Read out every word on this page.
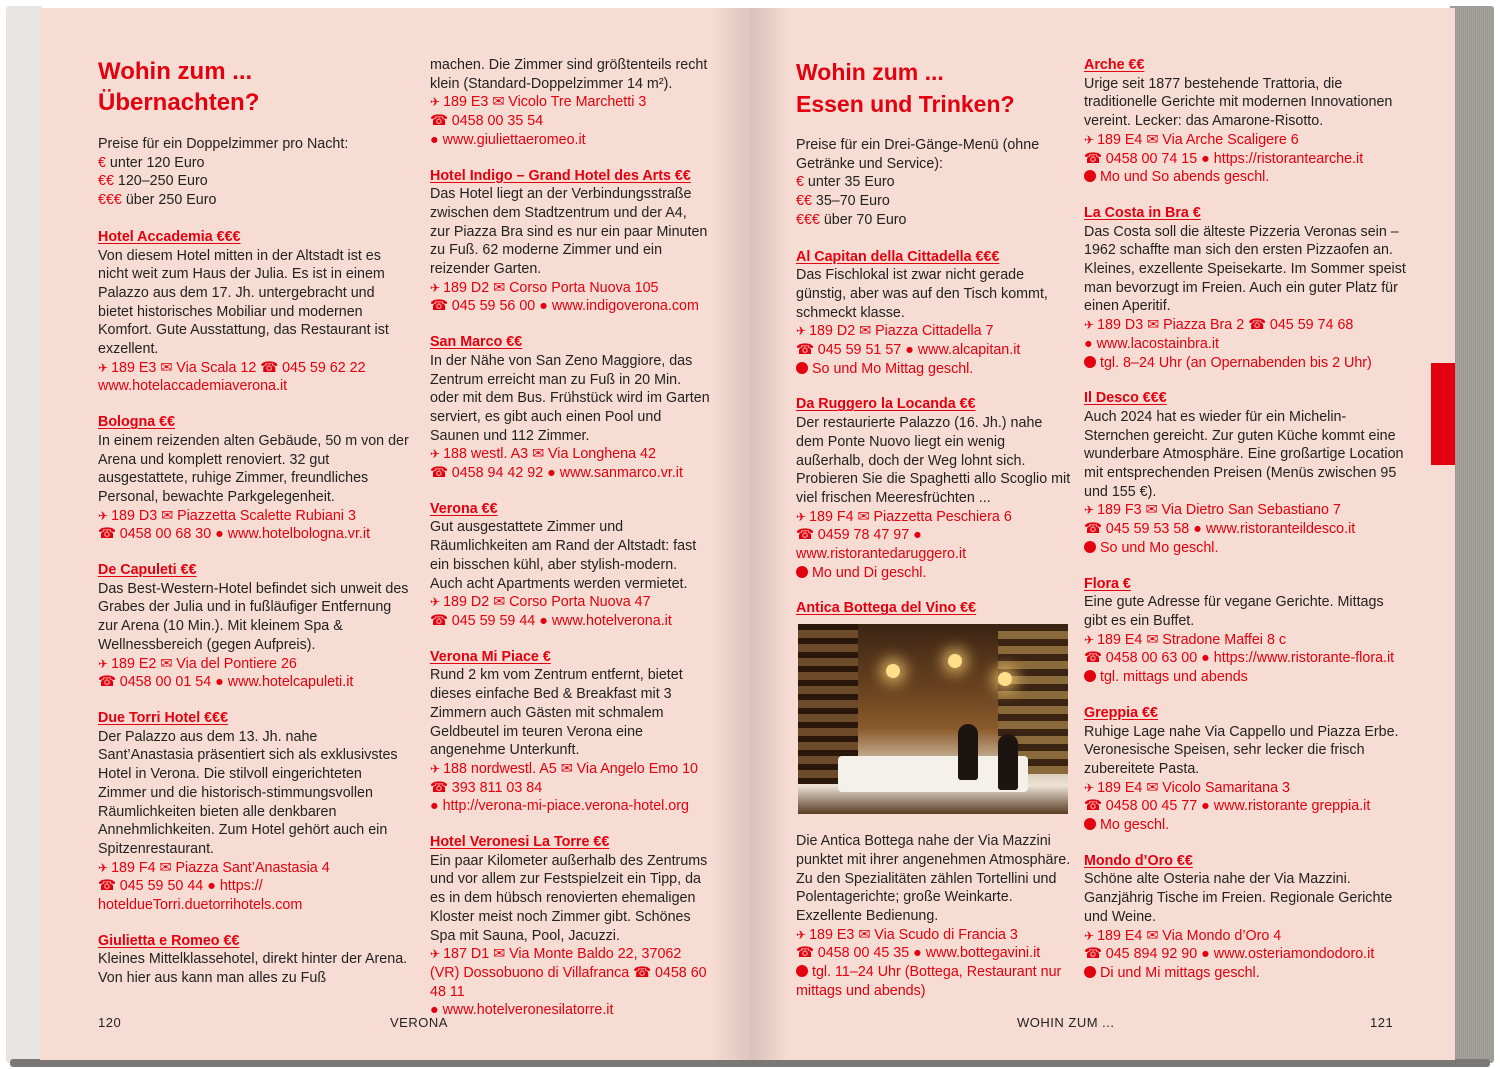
Wohin zum ...
Übernachten?
Preise für ein Doppelzimmer pro Nacht:
€ unter 120 Euro
€€ 120–250 Euro
€€€ über 250 Euro
Hotel Accademia €€€
Von diesem Hotel mitten in der Altstadt ist es nicht weit zum Haus der Julia. Es ist in einem Palazzo aus dem 17. Jh. untergebracht und bietet historisches Mobiliar und modernen Komfort. Gute Ausstattung, das Restaurant ist exzellent.
✈ 189 E3 ✉ Via Scala 12 ☎ 045 59 62 22
www.hotelaccademiaverona.it
Bologna €€
In einem reizenden alten Gebäude, 50 m von der Arena und komplett renoviert. 32 gut ausgestattete, ruhige Zimmer, freundliches Personal, bewachte Parkgelegenheit.
✈ 189 D3 ✉ Piazzetta Scalette Rubiani 3
☎ 0458 00 68 30 ● www.hotelbologna.vr.it
De Capuleti €€
Das Best-Western-Hotel befindet sich unweit des Grabes der Julia und in fußläufiger Entfernung zur Arena (10 Min.). Mit kleinem Spa & Wellnessbereich (gegen Aufpreis).
✈ 189 E2 ✉ Via del Pontiere 26
☎ 0458 00 01 54 ● www.hotelcapuleti.it
Due Torri Hotel €€€
Der Palazzo aus dem 13. Jh. nahe Sant’Anastasia präsentiert sich als exklusivstes Hotel in Verona. Die stilvoll eingerichteten Zimmer und die historisch-stimmungsvollen Räumlichkeiten bieten alle denkbaren Annehmlichkeiten. Zum Hotel gehört auch ein Spitzenrestaurant.
✈ 189 F4 ✉ Piazza Sant’Anastasia 4
☎ 045 59 50 44 ● https:// hoteldueTorri.duetorrihotels.com
Giulietta e Romeo €€
Kleines Mittelklassehotel, direkt hinter der Arena. Von hier aus kann man alles zu Fuß
machen. Die Zimmer sind größtenteils recht klein (Standard-Doppelzimmer 14 m²).
✈ 189 E3 ✉ Vicolo Tre Marchetti 3
☎ 0458 00 35 54
● www.giuliettaeromeo.it
Hotel Indigo – Grand Hotel des Arts €€
Das Hotel liegt an der Verbindungsstraße zwischen dem Stadtzentrum und der A4, zur Piazza Bra sind es nur ein paar Minuten zu Fuß. 62 moderne Zimmer und ein reizender Garten.
✈ 189 D2 ✉ Corso Porta Nuova 105
☎ 045 59 56 00 ● www.indigoverona.com
San Marco €€
In der Nähe von San Zeno Maggiore, das Zentrum erreicht man zu Fuß in 20 Min. oder mit dem Bus. Frühstück wird im Garten serviert, es gibt auch einen Pool und Saunen und 112 Zimmer.
✈ 188 westl. A3 ✉ Via Longhena 42
☎ 0458 94 42 92 ● www.sanmarco.vr.it
Verona €€
Gut ausgestattete Zimmer und Räumlichkeiten am Rand der Altstadt: fast ein bisschen kühl, aber stylish-modern. Auch acht Apartments werden vermietet.
✈ 189 D2 ✉ Corso Porta Nuova 47
☎ 045 59 59 44 ● www.hotelverona.it
Verona Mi Piace €
Rund 2 km vom Zentrum entfernt, bietet dieses einfache Bed & Breakfast mit 3 Zimmern auch Gästen mit schmalem Geldbeutel im teuren Verona eine angenehme Unterkunft.
✈ 188 nordwestl. A5 ✉ Via Angelo Emo 10 ☎ 393 811 03 84
● http://verona-mi-piace.verona-hotel.org
Hotel Veronesi La Torre €€
Ein paar Kilometer außerhalb des Zentrums und vor allem zur Festspielzeit ein Tipp, da es in dem hübsch renovierten ehemaligen Kloster meist noch Zimmer gibt. Schönes Spa mit Sauna, Pool, Jacuzzi.
✈ 187 D1 ✉ Via Monte Baldo 22, 37062 (VR) Dossobuono di Villafranca ☎ 0458 60 48 11
● www.hotelveronesilatorre.it
120	VERONA
Wohin zum ...
Essen und Trinken?
Preise für ein Drei-Gänge-Menü (ohne Getränke und Service):
€ unter 35 Euro
€€ 35–70 Euro
€€€ über 70 Euro
Al Capitan della Cittadella €€€
Das Fischlokal ist zwar nicht gerade günstig, aber was auf den Tisch kommt, schmeckt klasse.
✈ 189 D2 ✉ Piazza Cittadella 7
☎ 045 59 51 57 ● www.alcapitan.it
So und Mo Mittag geschl.
Da Ruggero la Locanda €€
Der restaurierte Palazzo (16. Jh.) nahe dem Ponte Nuovo liegt ein wenig außerhalb, doch der Weg lohnt sich. Probieren Sie die Spaghetti allo Scoglio mit viel frischen Meeresfrüchten ...
✈ 189 F4 ✉ Piazzetta Peschiera 6
☎ 0459 78 47 97 ● www.ristorantedaruggero.it
Mo und Di geschl.
Antica Bottega del Vino €€
Die Antica Bottega nahe der Via Mazzini punktet mit ihrer angenehmen Atmosphäre. Zu den Spezialitäten zählen Tortellini und Polentagerichte; große Weinkarte. Exzellente Bedienung.
✈ 189 E3 ✉ Via Scudo di Francia 3
☎ 0458 00 45 35 ● www.bottegavini.it
tgl. 11–24 Uhr (Bottega, Restaurant nur mittags und abends)
Arche €€
Urige seit 1877 bestehende Trattoria, die traditionelle Gerichte mit modernen Innovationen vereint. Lecker: das Amarone-Risotto.
✈ 189 E4 ✉ Via Arche Scaligere 6
☎ 0458 00 74 15 ● https://ristorantearche.it
Mo und So abends geschl.
La Costa in Bra €
Das Costa soll die älteste Pizzeria Veronas sein – 1962 schaffte man sich den ersten Pizzaofen an. Kleines, exzellente Speisekarte. Im Sommer speist man bevorzugt im Freien. Auch ein guter Platz für einen Aperitif.
✈ 189 D3 ✉ Piazza Bra 2 ☎ 045 59 74 68
● www.lacostainbra.it
tgl. 8–24 Uhr (an Opernabenden bis 2 Uhr)
Il Desco €€€
Auch 2024 hat es wieder für ein Michelin-Sternchen gereicht. Zur guten Küche kommt eine wunderbare Atmosphäre. Eine großartige Location mit entsprechenden Preisen (Menüs zwischen 95 und 155 €).
✈ 189 F3 ✉ Via Dietro San Sebastiano 7
☎ 045 59 53 58 ● www.ristoranteildesco.it
So und Mo geschl.
Flora €
Eine gute Adresse für vegane Gerichte. Mittags gibt es ein Buffet.
✈ 189 E4 ✉ Stradone Maffei 8 c
☎ 0458 00 63 00 ● https://www.ristorante-flora.it
tgl. mittags und abends
Greppia €€
Ruhige Lage nahe Via Cappello und Piazza Erbe. Veronesische Speisen, sehr lecker die frisch zubereitete Pasta.
✈ 189 E4 ✉ Vicolo Samaritana 3
☎ 0458 00 45 77 ● www.ristorante greppia.it
Mo geschl.
Mondo d’Oro €€
Schöne alte Osteria nahe der Via Mazzini. Ganzjährig Tische im Freien. Regionale Gerichte und Weine.
✈ 189 E4 ✉ Via Mondo d’Oro 4
☎ 045 894 92 90 ● www.osteriamondodoro.it
Di und Mi mittags geschl.
WOHIN ZUM ...	121
